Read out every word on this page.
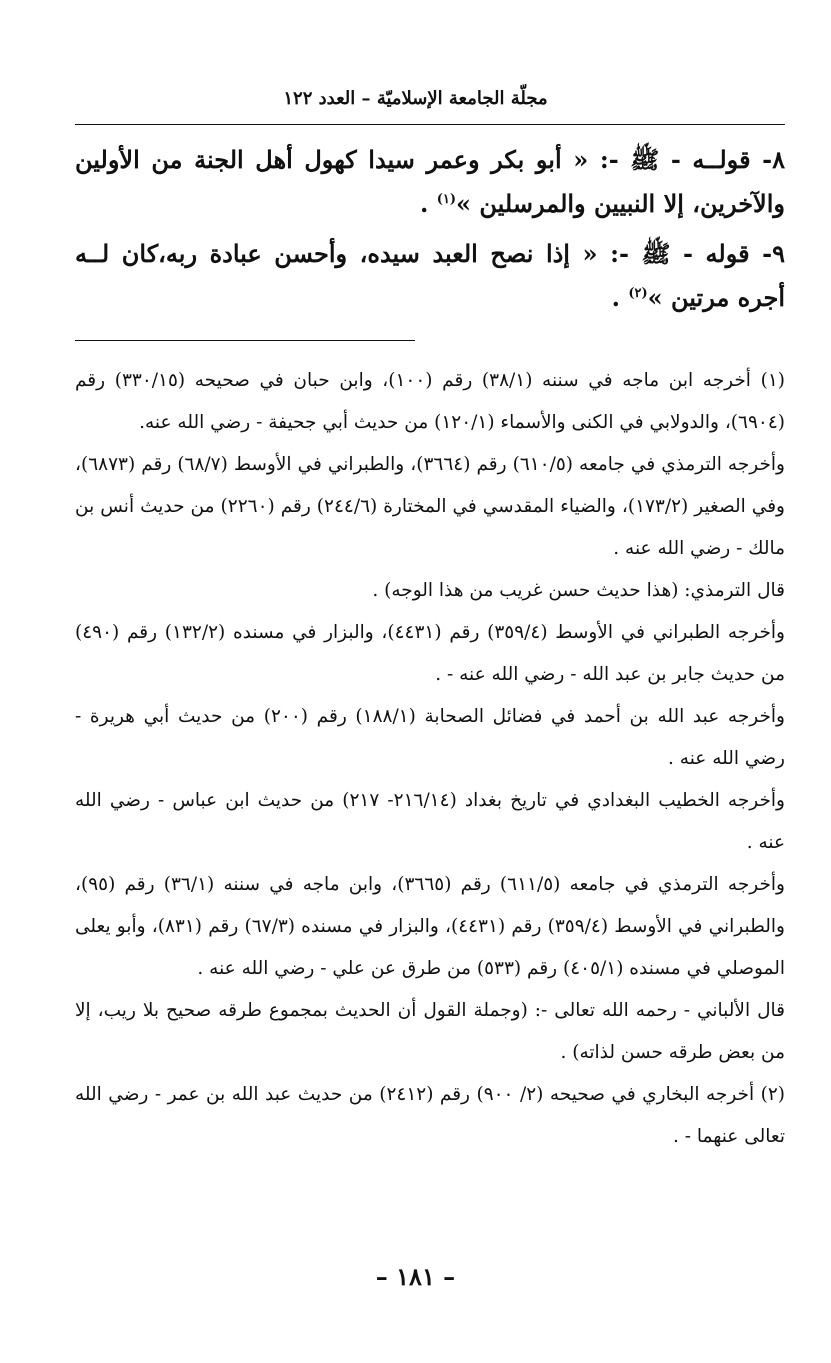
مجلّة الجامعة الإسلاميّة – العدد ١٢٢

٨- قولــه - ﷺ -: « أبو بكر وعمر سيدا كهول أهل الجنة من الأولين والآخرين، إلا النبيين والمرسلين »$^{(١)}$ .

٩- قوله - ﷺ -: « إذا نصح العبد سيده، وأحسن عبادة ربه،كان لــه أجره مرتين »$^{(٢)}$ .

(١) أخرجه ابن ماجه في سننه (٣٨/١) رقم (١٠٠)، وابن حبان في صحيحه (٣٣٠/١٥) رقم (٦٩٠٤)، والدولابي في الكنى والأسماء (١٢٠/١) من حديث أبي جحيفة - رضي الله عنه.

وأخرجه الترمذي في جامعه (٦١٠/٥) رقم (٣٦٦٤)، والطبراني في الأوسط (٦٨/٧) رقم (٦٨٧٣)، وفي الصغير (١٧٣/٢)، والضياء المقدسي في المختارة (٢٤٤/٦) رقم (٢٢٦٠) من حديث أنس بن مالك - رضي الله عنه .

قال الترمذي: (هذا حديث حسن غريب من هذا الوجه) .

وأخرجه الطبراني في الأوسط (٣٥٩/٤) رقم (٤٤٣١)، والبزار في مسنده (١٣٢/٢) رقم (٤٩٠) من حديث جابر بن عبد الله - رضي الله عنه - .

وأخرجه عبد الله بن أحمد في فضائل الصحابة (١٨٨/١) رقم (٢٠٠) من حديث أبي هريرة - رضي الله عنه .

وأخرجه الخطيب البغدادي في تاريخ بغداد (٢١٦/١٤- ٢١٧) من حديث ابن عباس - رضي الله عنه .

وأخرجه الترمذي في جامعه (٦١١/٥) رقم (٣٦٦٥)، وابن ماجه في سننه (٣٦/١) رقم (٩٥)، والطبراني في الأوسط (٣٥٩/٤) رقم (٤٤٣١)، والبزار في مسنده (٦٧/٣) رقم (٨٣١)، وأبو يعلى الموصلي في مسنده (٤٠٥/١) رقم (٥٣٣) من طرق عن علي - رضي الله عنه .

قال الألباني - رحمه الله تعالى -: (وجملة القول أن الحديث بمجموع طرقه صحيح بلا ريب، إلا من بعض طرقه حسن لذاته) .

(٢) أخرجه البخاري في صحيحه (٢/ ٩٠٠) رقم (٢٤١٢) من حديث عبد الله بن عمر - رضي الله تعالى عنهما - .

– ١٨١ –
